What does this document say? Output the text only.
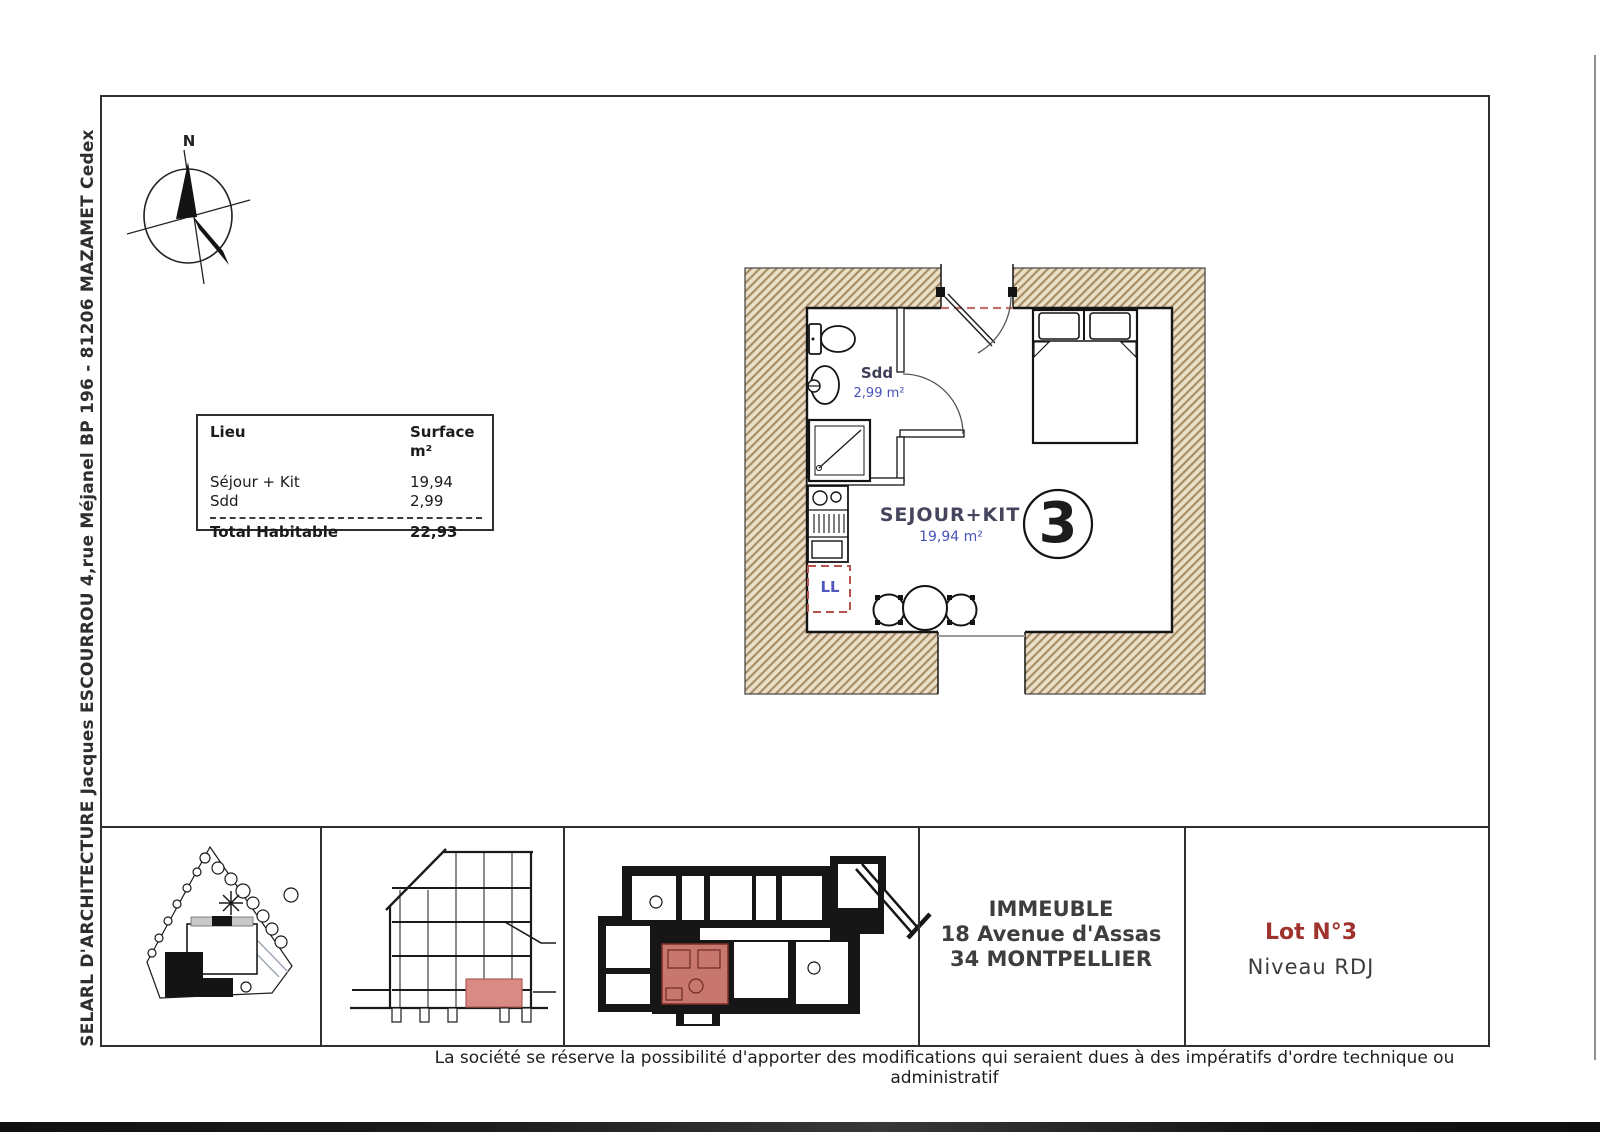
SELARL D'ARCHITECTURE Jacques ESCOURROU 4,rue Méjanel BP 196 - 81206 MAZAMET Cedex	N
Lieu	Surface m²
Séjour + Kit	19,94
Sdd	2,99
Total Habitable	22,93
Sdd
2,99 m²
SEJOUR+KIT
19,94 m²
LL
3
IMMEUBLE
18 Avenue d'Assas
34 MONTPELLIER
Lot N°3
Niveau RDJ
La société se réserve la possibilité d'apporter des modifications qui seraient dues à des impératifs d'ordre technique ou administratif
